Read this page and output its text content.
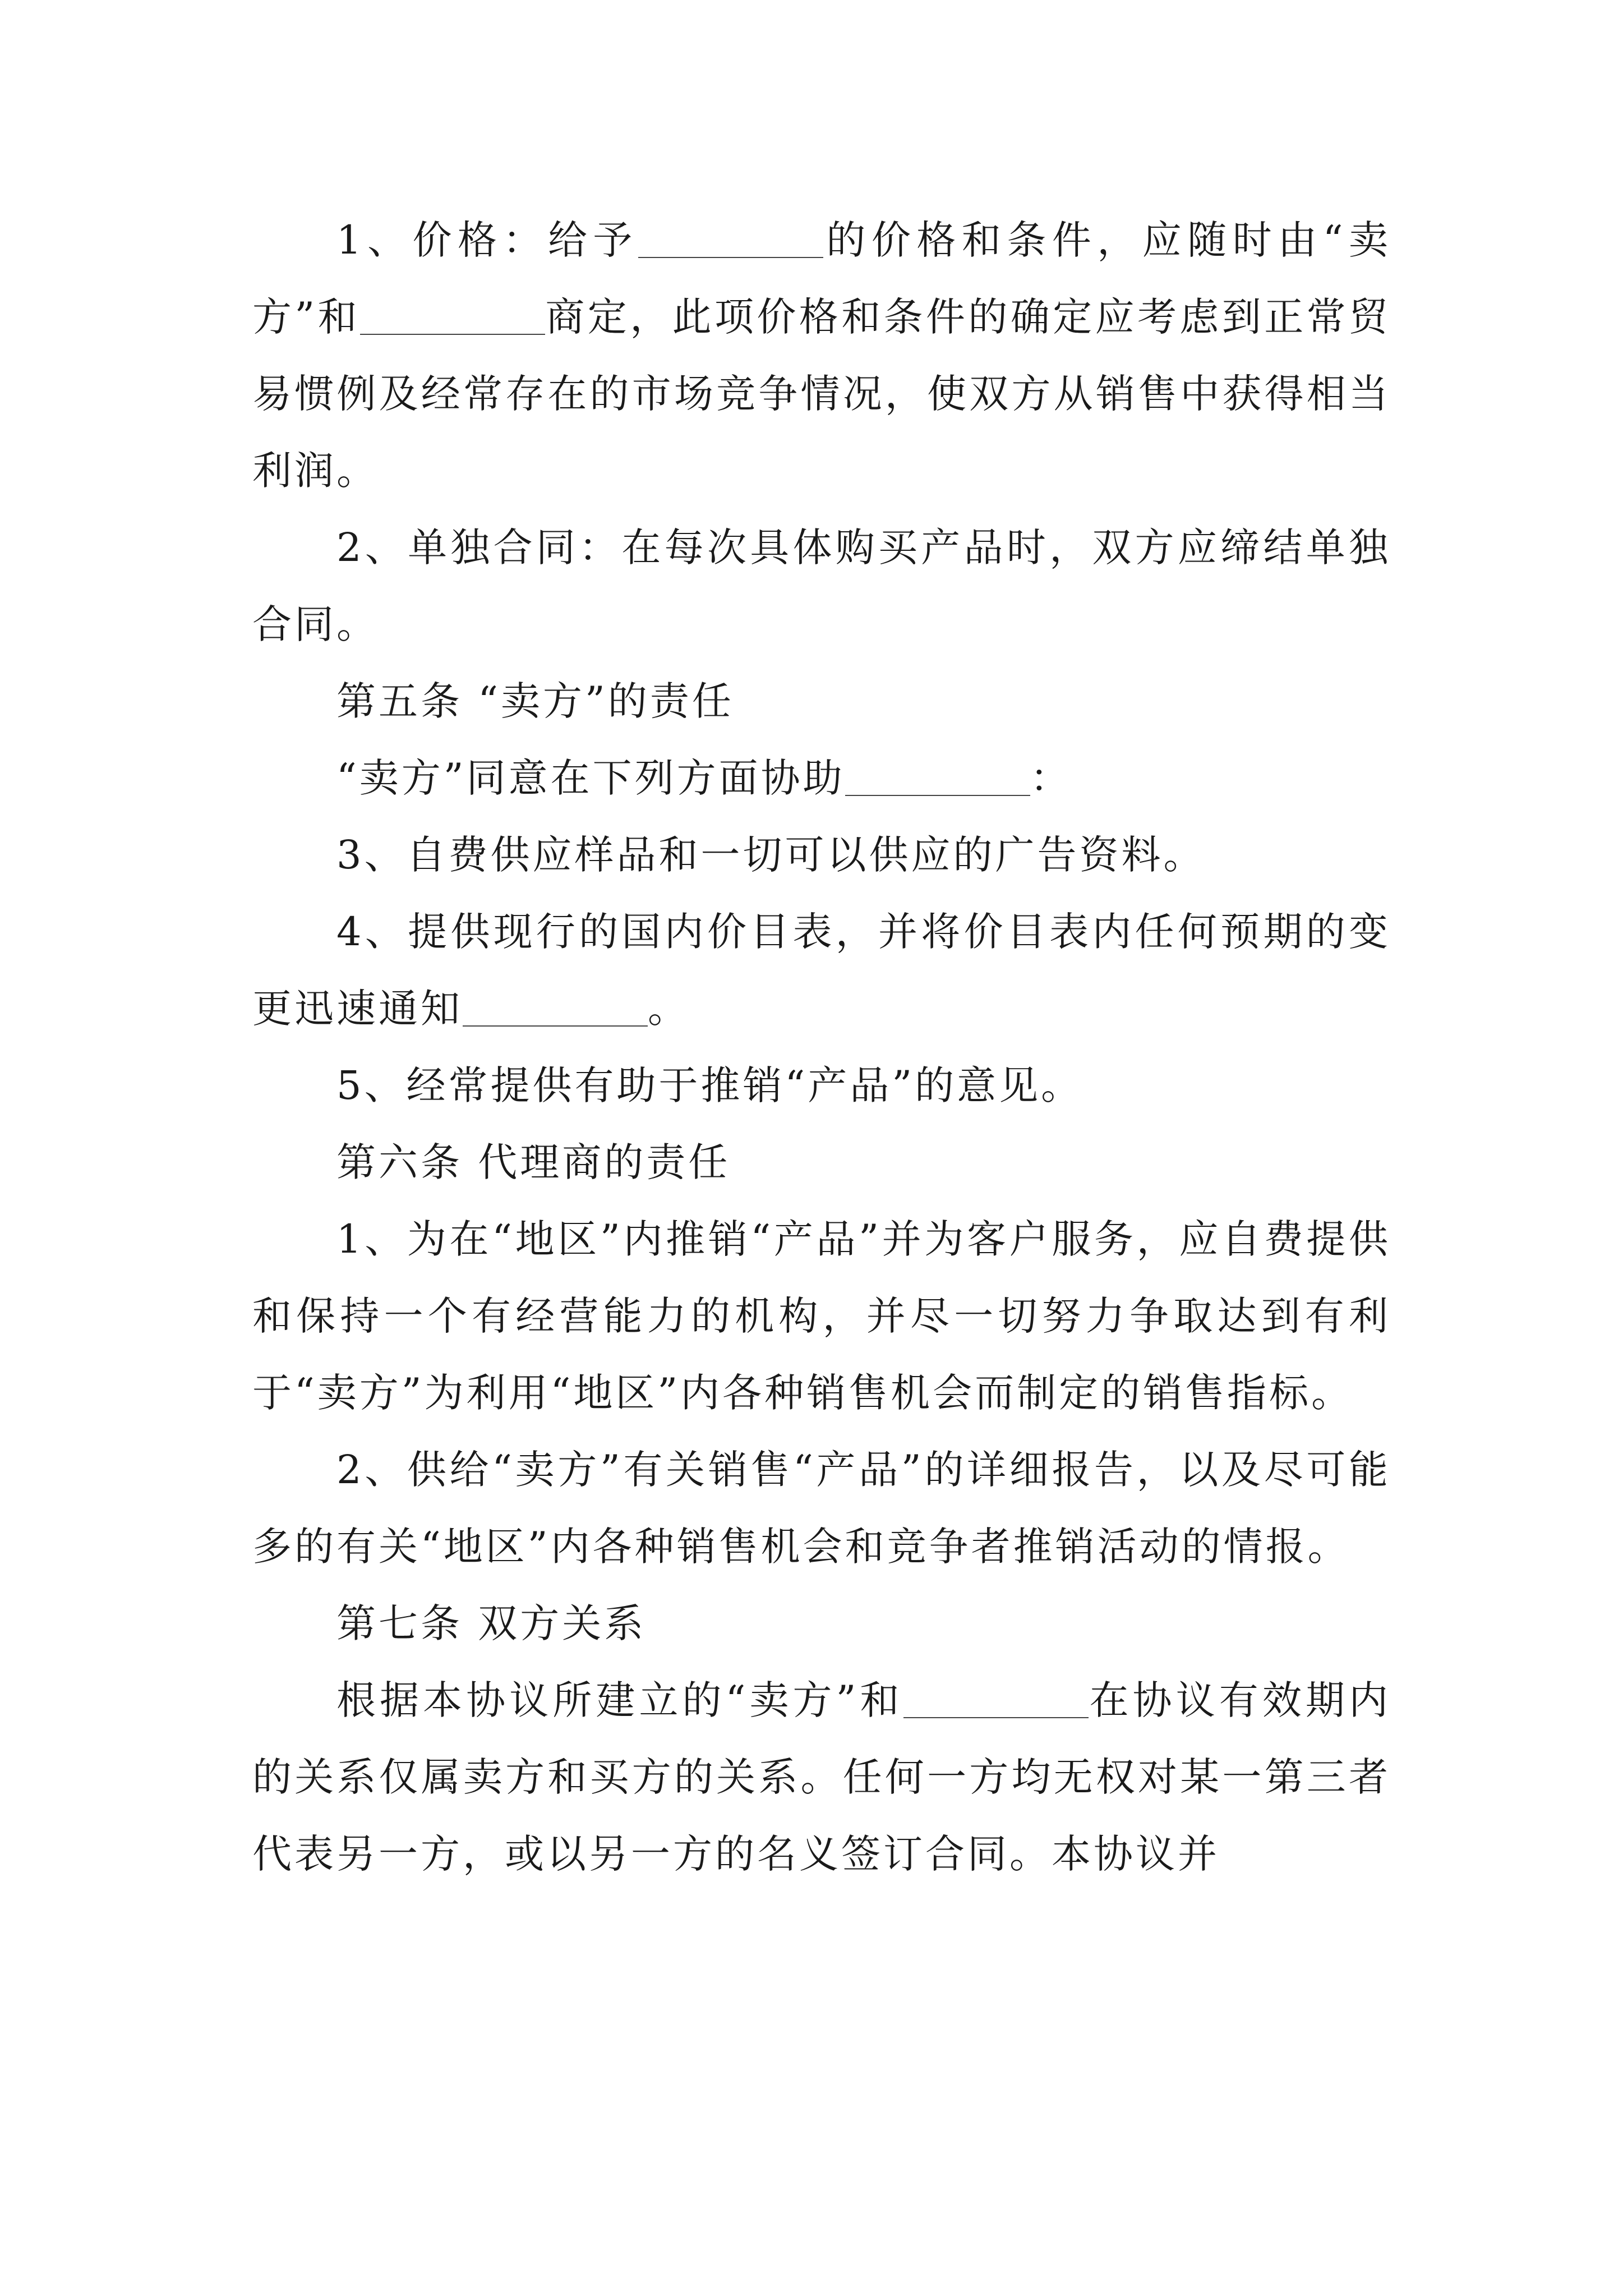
1、价格：给予	的价格和条件，应随时由“卖方”和	商定，此项价格和条件的确定应考虑到正常贸易惯例及经常存在的市场竞争情况，使双方从销售中获得相当利润。

2、单独合同：在每次具体购买产品时，双方应缔结单独合同。

第五条 “卖方”的责任

“卖方”同意在下列方面协助	：

3、自费供应样品和一切可以供应的广告资料。

4、提供现行的国内价目表，并将价目表内任何预期的变更迅速通知	。

5、经常提供有助于推销“产品”的意见。

第六条 代理商的责任

1、为在“地区”内推销“产品”并为客户服务，应自费提供和保持一个有经营能力的机构，并尽一切努力争取达到有利于“卖方”为利用“地区”内各种销售机会而制定的销售指标。

2、供给“卖方”有关销售“产品”的详细报告，以及尽可能多的有关“地区”内各种销售机会和竞争者推销活动的情报。

第七条 双方关系

根据本协议所建立的“卖方”和	在协议有效期内的关系仅属卖方和买方的关系。任何一方均无权对某一第三者代表另一方，或以另一方的名义签订合同。本协议并
